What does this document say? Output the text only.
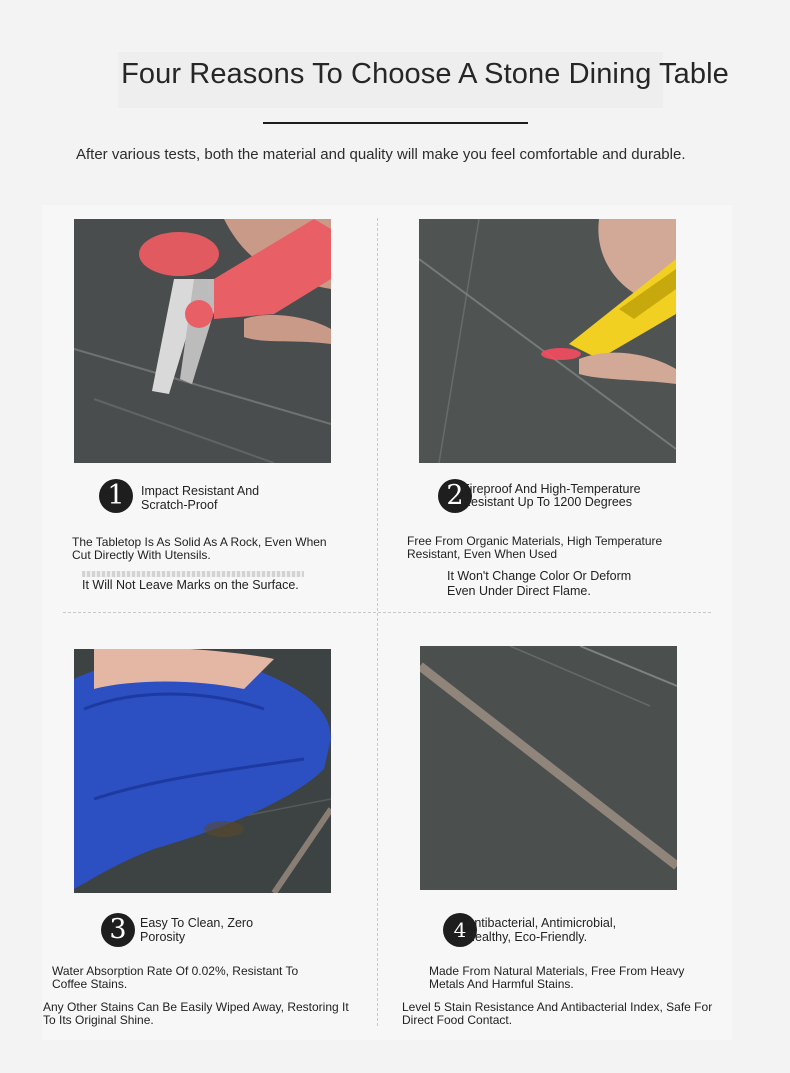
Four Reasons To Choose A Stone Dining Table
After various tests, both the material and quality will make you feel comfortable and durable.
1	Impact Resistant And
Scratch-Proof
The Tabletop Is As Solid As A Rock, Even When
Cut Directly With Utensils.
It Will Not Leave Marks on the Surface.
2
Fireproof And High-Temperature
Resistant Up To 1200 Degrees
Free From Organic Materials, High Temperature
Resistant, Even When Used
It Won't Change Color Or Deform
Even Under Direct Flame.
3	Easy To Clean, Zero
Porosity
Water Absorption Rate Of 0.02%, Resistant To
Coffee Stains.
Any Other Stains Can Be Easily Wiped Away, Restoring It
To Its Original Shine.
4 Antibacterial, Antimicrobial,
Healthy, Eco-Friendly.
Made From Natural Materials, Free From Heavy
Metals And Harmful Stains.
Level 5 Stain Resistance And Antibacterial Index, Safe For
Direct Food Contact.
